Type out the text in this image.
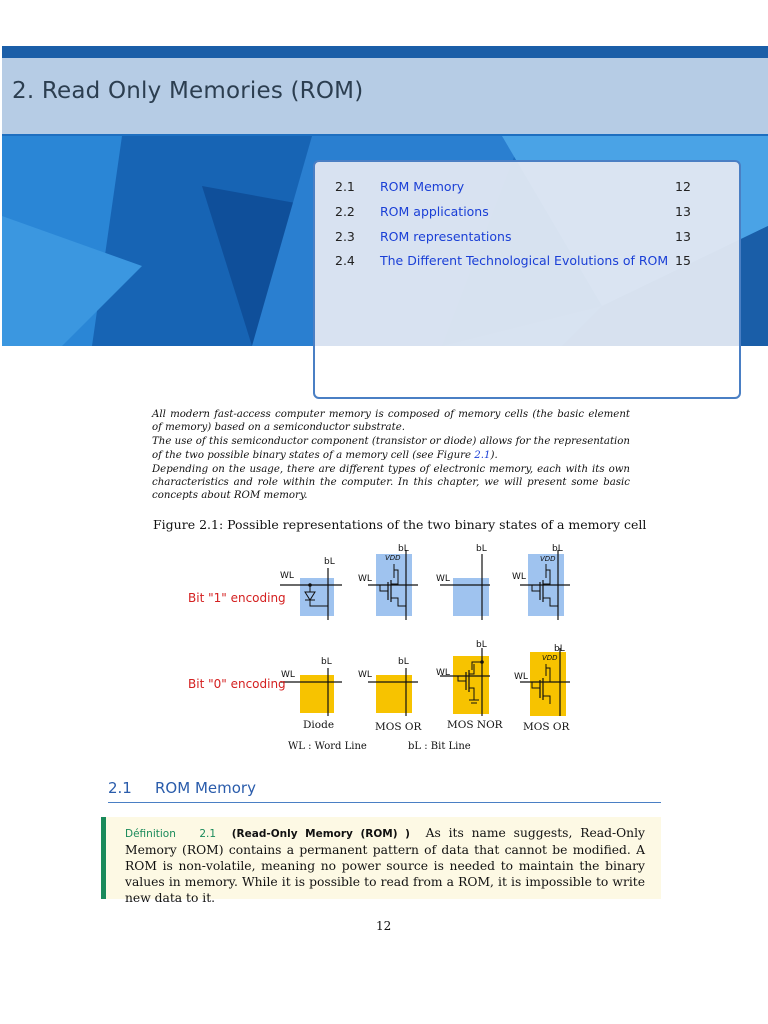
2. Read Only Memories (ROM)
2.1 ROM Memory	12
2.2 ROM applications	13
2.3 ROM representations	13
2.4 The Different Technological Evolutions of ROM 15

All modern fast-access computer memory is composed of memory cells (the basic element of memory) based on a semiconductor substrate.

The use of this semiconductor component (transistor or diode) allows for the representation of the two possible binary states of a memory cell (see Figure 2.1).

Depending on the usage, there are different types of electronic memory, each with its own characteristics and role within the computer. In this chapter, we will present some basic concepts about ROM memory.

Figure 2.1: Possible representations of the two binary states of a memory cell
Bit "1" encoding
Bit "0" encoding
WL
bL
WL
bL
VDD
WL
bL
WL
bL
VDD
WL
bL
WL
bL
WL
bL
WL
bL
VDD
Diode	MOS OR MOS NOR MOS OR
WL : Word Line	bL : Bit Line
2.1 ROM Memory
Définition 2.1 (Read-Only Memory (ROM) ) As its name suggests, Read-Only Memory (ROM) contains a permanent pattern of data that cannot be modified. A ROM is non-volatile, meaning no power source is needed to maintain the binary values in memory. While it is possible to read from a ROM, it is impossible to write new data to it.
12
